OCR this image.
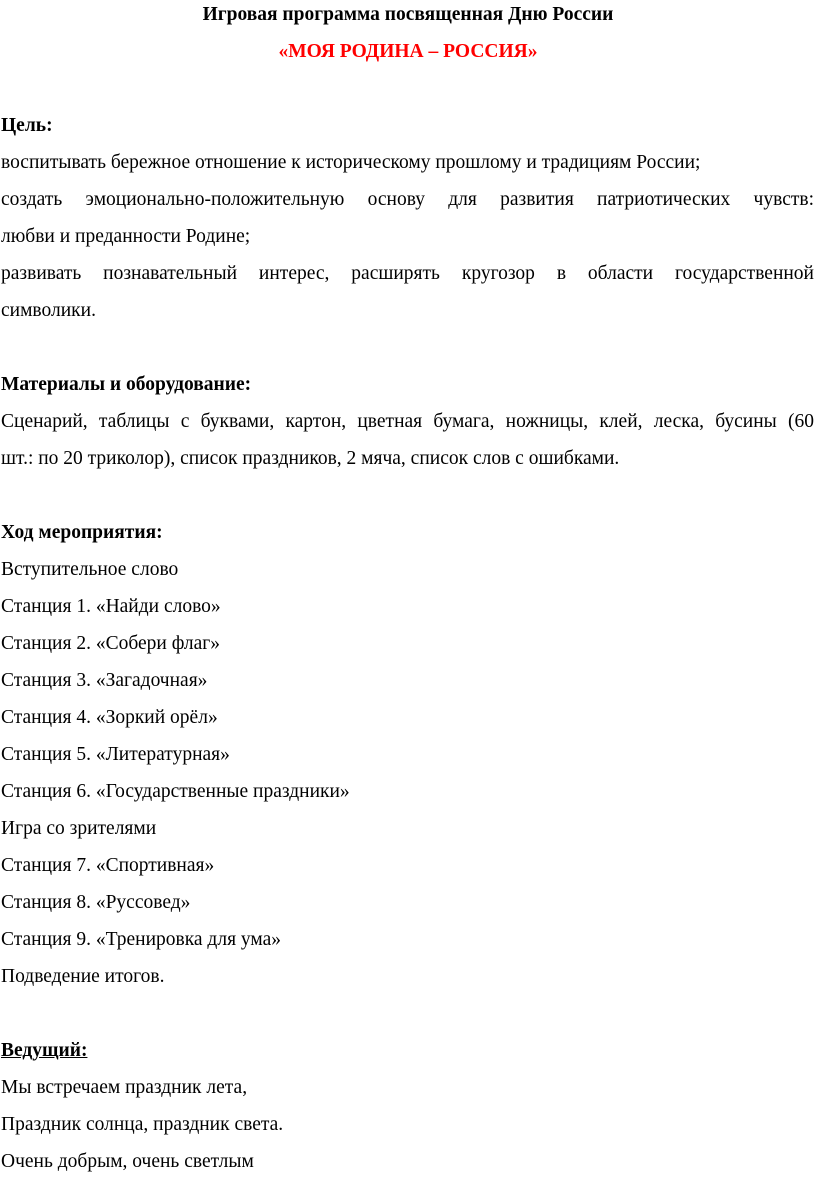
Игровая программа посвященная Дню России
«МОЯ РОДИНА – РОССИЯ»
Цель:
воспитывать бережное отношение к историческому прошлому и традициям России;
создать эмоционально-положительную основу для развития патриотических чувств:
любви и преданности Родине;
развивать познавательный интерес, расширять кругозор в области государственной
символики.
Материалы и оборудование:
Сценарий, таблицы с буквами, картон, цветная бумага, ножницы, клей, леска, бусины (60
шт.: по 20 триколор), список праздников, 2 мяча, список слов с ошибками.
Ход мероприятия:
Вступительное слово
Станция 1. «Найди слово»
Станция 2. «Собери флаг»
Станция 3. «Загадочная»
Станция 4. «Зоркий орёл»
Станция 5. «Литературная»
Станция 6. «Государственные праздники»
Игра со зрителями
Станция 7. «Спортивная»
Станция 8. «Руссовед»
Станция 9. «Тренировка для ума»
Подведение итогов.
Ведущий:
Мы встречаем праздник лета,
Праздник солнца, праздник света.
Очень добрым, очень светлым
